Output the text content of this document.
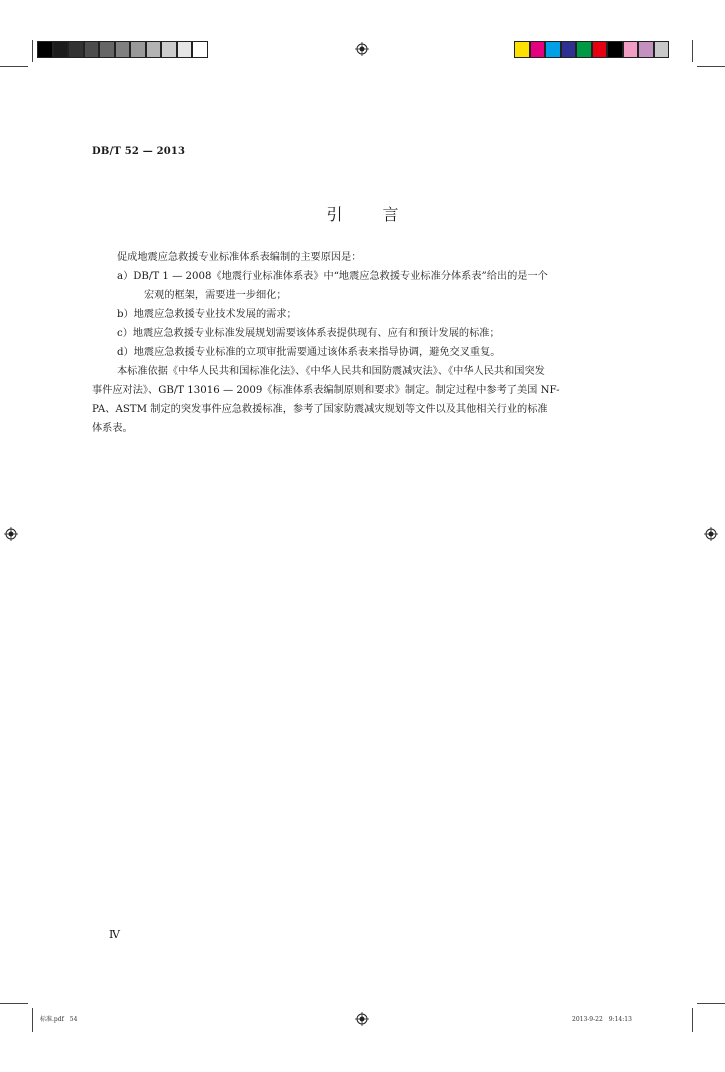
DB/T 52 — 2013
引言

促成地震应急救援专业标准体系表编制的主要原因是：

a）DB/T 1 — 2008《地震行业标准体系表》中“地震应急救援专业标准分体系表”给出的是一个

宏观的框架，需要进一步细化；

b）地震应急救援专业技术发展的需求；

c）地震应急救援专业标准发展规划需要该体系表提供现有、应有和预计发展的标准；

d）地震应急救援专业标准的立项审批需要通过该体系表来指导协调，避免交叉重复。

本标准依据《中华人民共和国标准化法》、《中华人民共和国防震减灾法》、《中华人民共和国突发

事件应对法》、GB/T 13016 — 2009《标准体系表编制原则和要求》制定。制定过程中参考了美国 NF-

PA、ASTM 制定的突发事件应急救援标准，参考了国家防震减灾规划等文件以及其他相关行业的标准

体系表。

Ⅳ
标准.pdf　54	2013-9-22　9:14:13
